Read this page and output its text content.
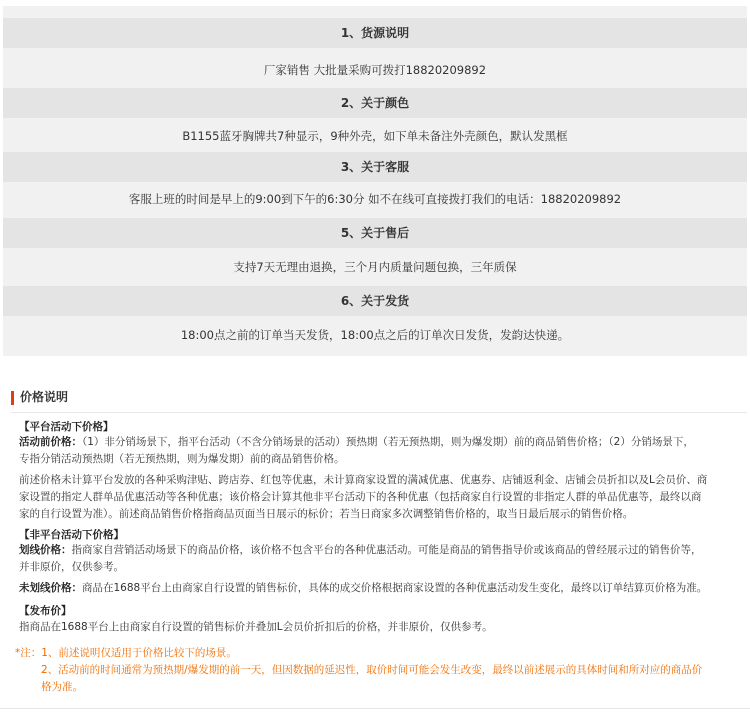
1、货源说明
厂家销售 大批量采购可拨打18820209892
2、关于颜色
B1155蓝牙胸牌共7种显示，9种外壳，如下单未备注外壳颜色，默认发黑框
3、关于客服
客服上班的时间是早上的9:00到下午的6:30分 如不在线可直接拨打我们的电话：18820209892
5、关于售后
支持7天无理由退换，三个月内质量问题包换，三年质保
6、关于发货
18:00点之前的订单当天发货，18:00点之后的订单次日发货，发韵达快递。
价格说明
【平台活动下价格】
活动前价格：（1）非分销场景下，指平台活动（不含分销场景的活动）预热期（若无预热期，则为爆发期）前的商品销售价格；（2）分销场景下，
专指分销活动预热期（若无预热期，则为爆发期）前的商品销售价格。
前述价格未计算平台发放的各种采购津贴、跨店券、红包等优惠，未计算商家设置的满减优惠、优惠券、店铺返利金、店铺会员折扣以及L会员价、商
家设置的指定人群单品优惠活动等各种优惠；该价格会计算其他非平台活动下的各种优惠（包括商家自行设置的非指定人群的单品优惠等，最终以商
家的自行设置为准）。前述商品销售价格指商品页面当日展示的标价；若当日商家多次调整销售价格的，取当日最后展示的销售价格。
【非平台活动下价格】
划线价格：指商家自营销活动场景下的商品价格，该价格不包含平台的各种优惠活动。可能是商品的销售指导价或该商品的曾经展示过的销售价等，
并非原价，仅供参考。
未划线价格：商品在1688平台上由商家自行设置的销售标价，具体的成交价格根据商家设置的各种优惠活动发生变化，最终以订单结算页价格为准。
【发布价】
指商品在1688平台上由商家自行设置的销售标价并叠加L会员价折扣后的价格，并非原价，仅供参考。
*注：1、前述说明仅适用于价格比较下的场景。
2、活动前的时间通常为预热期/爆发期的前一天，但因数据的延迟性，取价时间可能会发生改变，最终以前述展示的具体时间和所对应的商品价
格为准。
